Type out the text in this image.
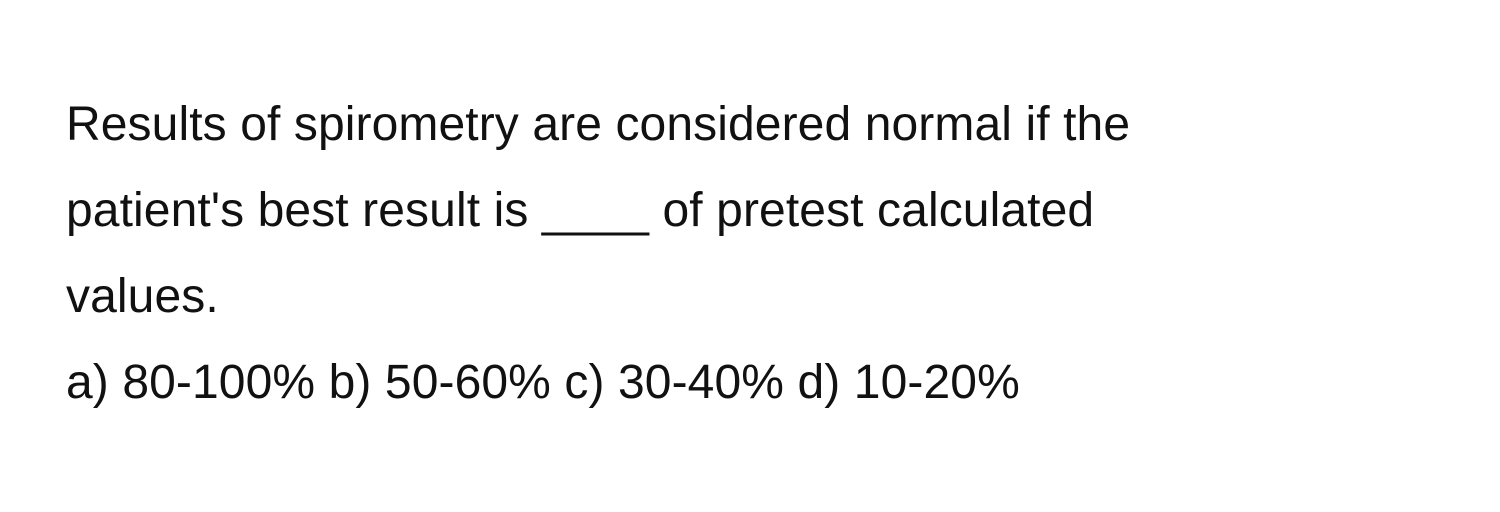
Results of spirometry are considered normal if the
patient's best result is ____ of pretest calculated
values.
a) 80-100% b) 50-60% c) 30-40% d) 10-20%
